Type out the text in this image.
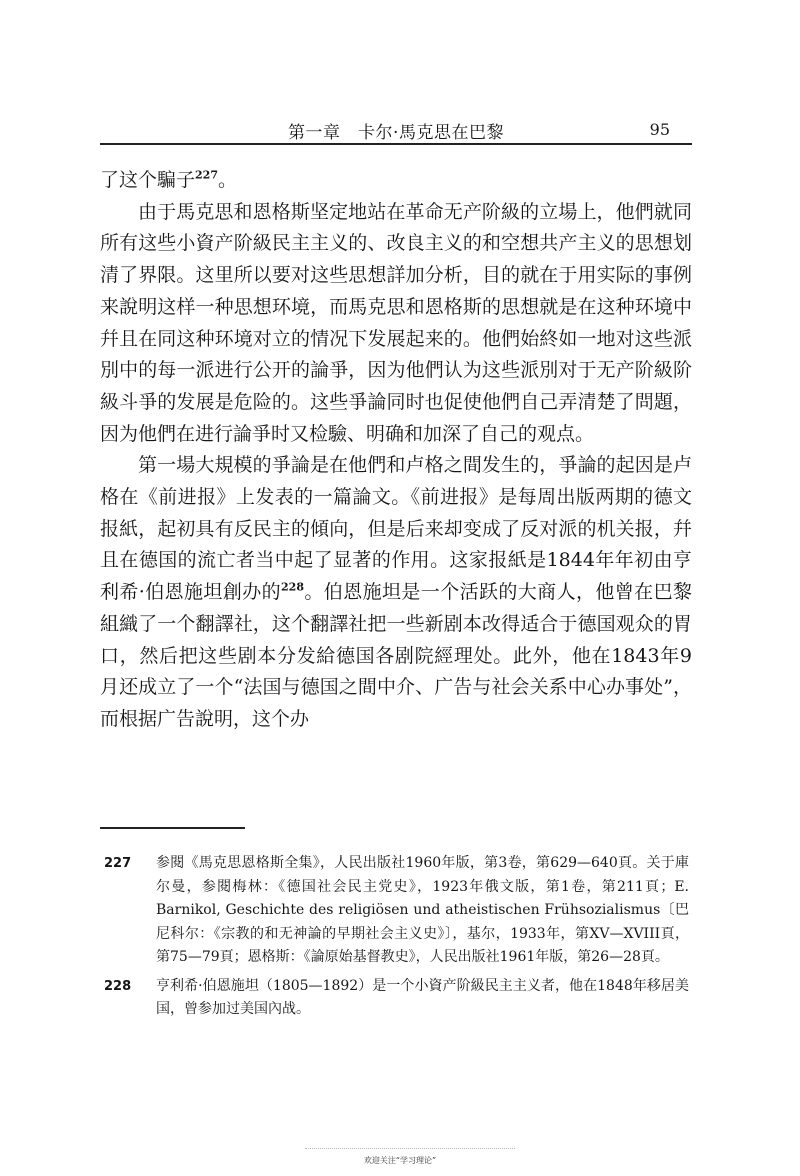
第一章　卡尔·馬克思在巴黎	95

了这个騙子$^{227}$。

由于馬克思和恩格斯坚定地站在革命无产阶級的立場上，他們就同所有这些小資产阶級民主主义的、改良主义的和空想共产主义的思想划清了界限。这里所以要对这些思想詳加分析，目的就在于用实际的事例来說明这样一种思想环境，而馬克思和恩格斯的思想就是在这种环境中幷且在同这种环境对立的情况下发展起来的。他們始終如一地对这些派別中的每一派进行公开的論爭，因为他們认为这些派別对于无产阶級阶級斗爭的发展是危险的。这些爭論同时也促使他們自己弄清楚了問題，因为他們在进行論爭时又检驗、明确和加深了自己的观点。

第一場大規模的爭論是在他們和卢格之間发生的，爭論的起因是卢格在《前进报》上发表的一篇論文。《前进报》是每周出版两期的德文报紙，起初具有反民主的傾向，但是后来却变成了反对派的机关报，幷且在德国的流亡者当中起了显著的作用。这家报紙是1844年年初由亨利希·伯恩施坦創办的$^{228}$。伯恩施坦是一个活跃的大商人，他曾在巴黎組織了一个翻譯社，这个翻譯社把一些新剧本改得适合于德国观众的胃口，然后把这些剧本分发給德国各剧院經理处。此外，他在1843年9月还成立了一个“法国与德国之間中介、广告与社会关系中心办事处”，而根据广告說明，这个办

227	参閱《馬克思恩格斯全集》，人民出版社1960年版，第3卷，第629—640頁。关于庫尔曼，参閱梅林：《德国社会民主党史》，1923年俄文版，第1卷，第211頁；E. Barnikol, Geschichte des religiösen und atheistischen Frühsozialismus〔巴尼科尔：《宗教的和无神論的早期社会主义史》〕，基尔，1933年，第XV—XVIII頁，第75—79頁；恩格斯：《論原始基督教史》，人民出版社1961年版，第26—28頁。
228	亨利希·伯恩施坦（1805—1892）是一个小資产阶級民主主义者，他在1848年移居美国，曾参加过美国內战。
欢迎关注“学习理论”
